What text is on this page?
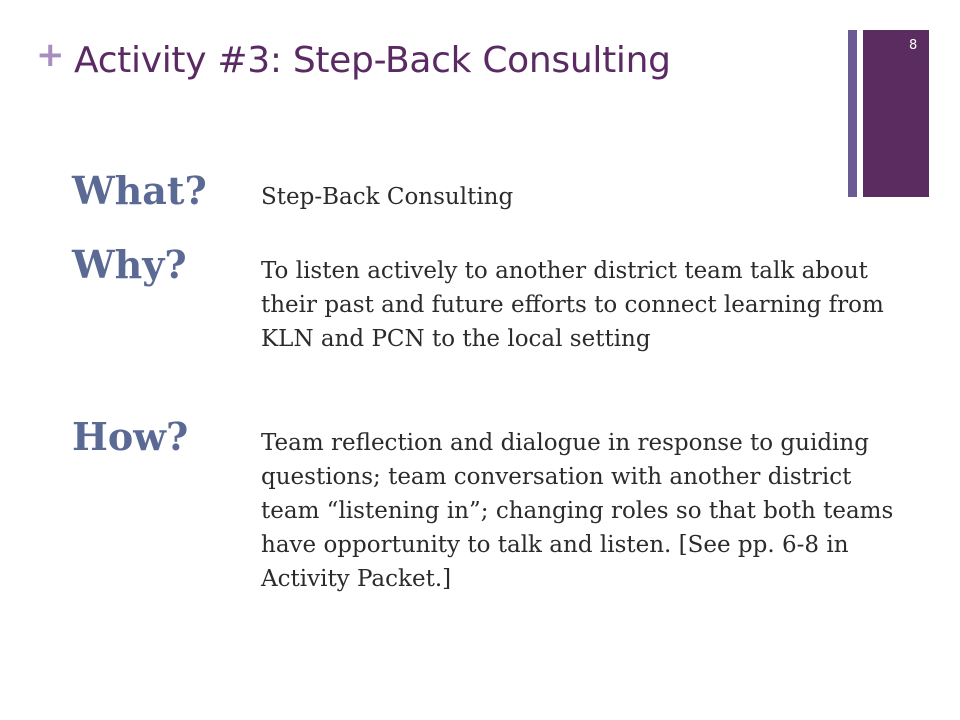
+ Activity #3: Step-Back Consulting	8
What? Step-Back Consulting
Why?	To listen actively to another district team talk about their past and future efforts to connect learning from KLN and PCN to the local setting
How?	Team reflection and dialogue in response to guiding questions; team conversation with another district team “listening in”; changing roles so that both teams have opportunity to talk and listen. [See pp. 6-8 in Activity Packet.]
